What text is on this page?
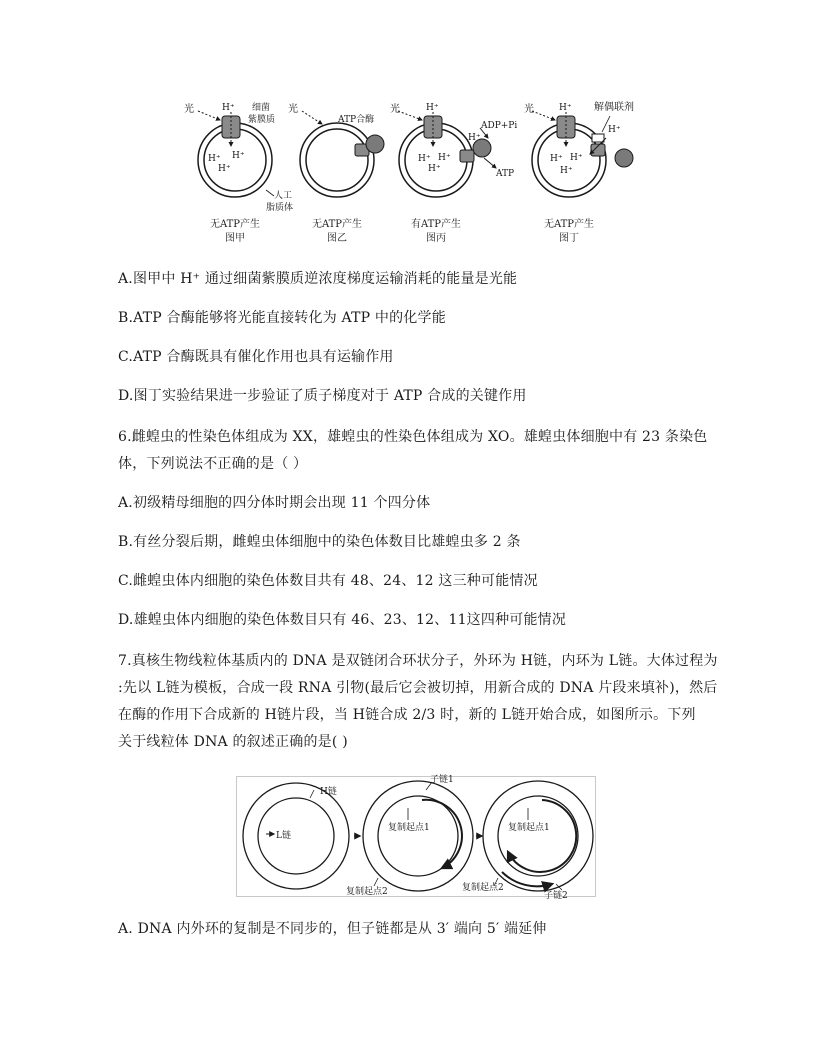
光	H⁺ 细菌
紫膜质
H⁺ H⁺
H⁺
人工
脂质体
无ATP产生
图甲
光
ATP合酶
无ATP产生
图乙
光	H⁺
ADP+Pi
H⁺
H⁺ H⁺
H⁺	ATP
有ATP产生
图丙
光	H⁺ 解偶联剂
H⁺
H⁺ H⁺
H⁺
无ATP产生
图丁
A.图甲中 H⁺ 通过细菌紫膜质逆浓度梯度运输消耗的能量是光能
B.ATP 合酶能够将光能直接转化为 ATP 中的化学能
C.ATP 合酶既具有催化作用也具有运输作用
D.图丁实验结果进一步验证了质子梯度对于 ATP 合成的关键作用
6.雌蝗虫的性染色体组成为 XX，雄蝗虫的性染色体组成为 XO。雄蝗虫体细胞中有 23 条染色
体，下列说法不正确的是（ ）
A.初级精母细胞的四分体时期会出现 11 个四分体
B.有丝分裂后期，雌蝗虫体细胞中的染色体数目比雄蝗虫多 2 条
C.雌蝗虫体内细胞的染色体数目共有 48、24、12 这三种可能情况
D.雄蝗虫体内细胞的染色体数目只有 46、23、12、11这四种可能情况
7.真核生物线粒体基质内的 DNA 是双链闭合环状分子，外环为 H链，内环为 L链。大体过程为
:先以 L链为模板，合成一段 RNA 引物(最后它会被切掉，用新合成的 DNA 片段来填补)，然后
在酶的作用下合成新的 H链片段，当 H链合成 2/3 时，新的 L链开始合成，如图所示。下列
关于线粒体 DNA 的叙述正确的是( )
H链
L链
子链1
复制起点1
复制起点2
复制起点1
复制起点2
子链2
A. DNA 内外环的复制是不同步的，但子链都是从 3′ 端向 5′ 端延伸
